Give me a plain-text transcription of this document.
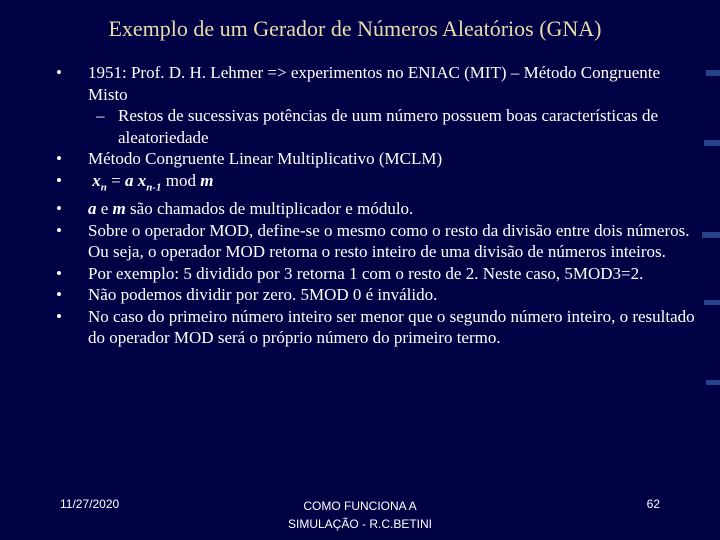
Exemplo de um Gerador de Números Aleatórios (GNA)

• 1951: Prof. D. H. Lehmer => experimentos no ENIAC (MIT) – Método Congruente Misto

– Restos de sucessivas potências de uum número possuem boas características de aleatoriedade

• Método Congruente Linear Multiplicativo (MCLM)

• $x_n = a$ $x_{n-1}$ mod m

• a e m são chamados de multiplicador e módulo.

• Sobre o operador MOD, define-se o mesmo como o resto da divisão entre dois números. Ou seja, o operador MOD retorna o resto inteiro de uma divisão de números inteiros.

• Por exemplo: 5 dividido por 3 retorna 1 com o resto de 2. Neste caso, 5MOD3=2.

• Não podemos dividir por zero. 5MOD 0 é inválido.

• No caso do primeiro número inteiro ser menor que o segundo número inteiro, o resultado do operador MOD será o próprio número do primeiro termo.

11/27/2020	COMO FUNCIONA A
SIMULAÇÃO - R.C.BETINI
62
